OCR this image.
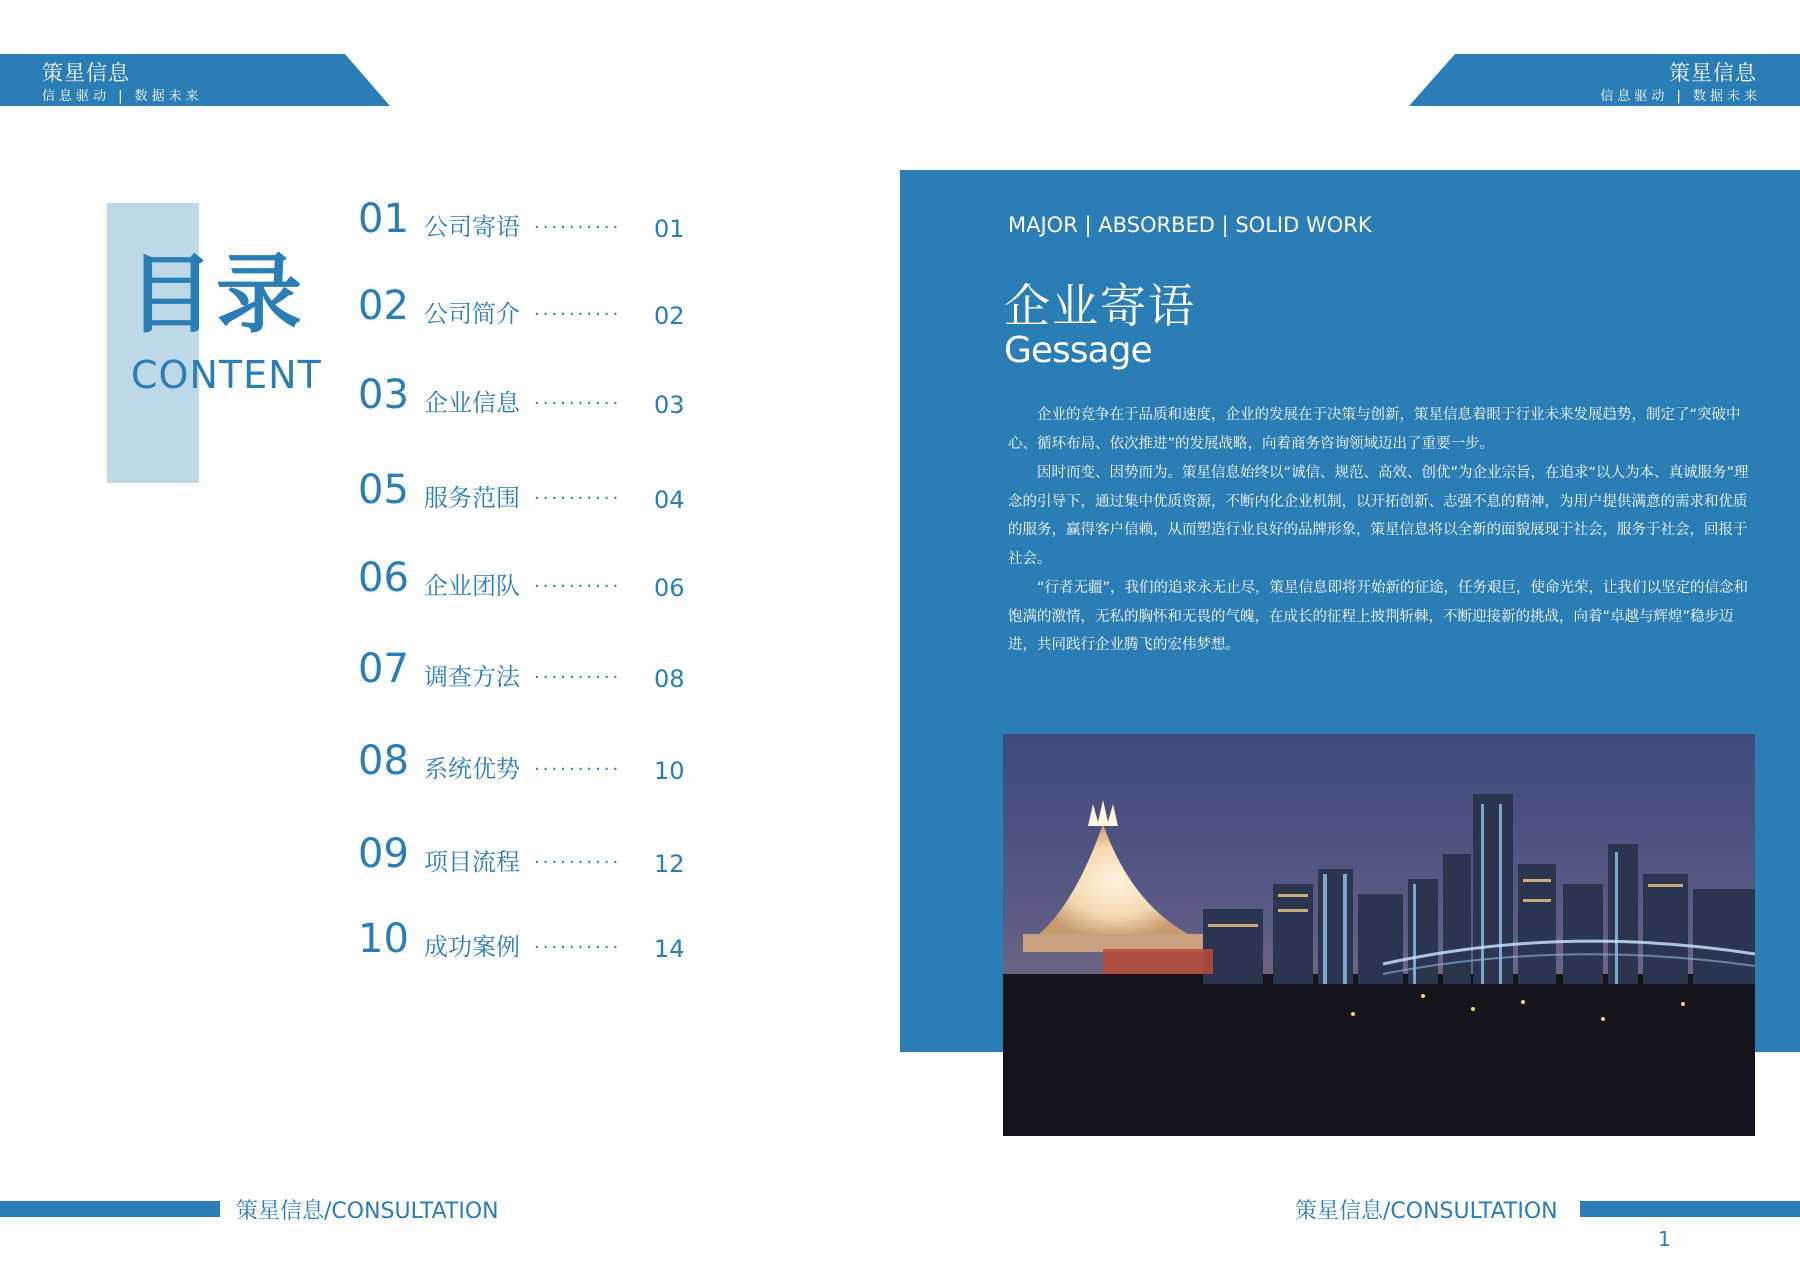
策星信息
信息驱动 | 数据未来
策星信息
信息驱动 | 数据未来
目录
CONTENT
01 公司寄语 ·········· 01
02 公司简介 ·········· 02
03 企业信息 ·········· 03
05 服务范围 ·········· 04
06 企业团队 ·········· 06
07 调查方法 ·········· 08
08 系统优势 ·········· 10
09 项目流程 ·········· 12
10 成功案例 ·········· 14
MAJOR | ABSORBED | SOLID WORK
企业寄语
Gessage

企业的竞争在于品质和速度，企业的发展在于决策与创新，策星信息着眼于行业未来发展趋势，制定了“突破中心、循环布局、依次推进”的发展战略，向着商务咨询领域迈出了重要一步。

因时而变、因势而为。策星信息始终以“诚信、规范、高效、创优”为企业宗旨，在追求“以人为本、真诚服务”理念的引导下，通过集中优质资源，不断内化企业机制，以开拓创新、志强不息的精神，为用户提供满意的需求和优质的服务，赢得客户信赖，从而塑造行业良好的品牌形象，策星信息将以全新的面貌展现于社会，服务于社会，回报于社会。

“行者无疆”，我们的追求永无止尽，策星信息即将开始新的征途，任务艰巨，使命光荣，让我们以坚定的信念和饱满的激情，无私的胸怀和无畏的气魄，在成长的征程上披荆斩棘，不断迎接新的挑战，向着“卓越与辉煌”稳步迈进，共同践行企业腾飞的宏伟梦想。

策星信息/CONSULTATION	策星信息/CONSULTATION
1
